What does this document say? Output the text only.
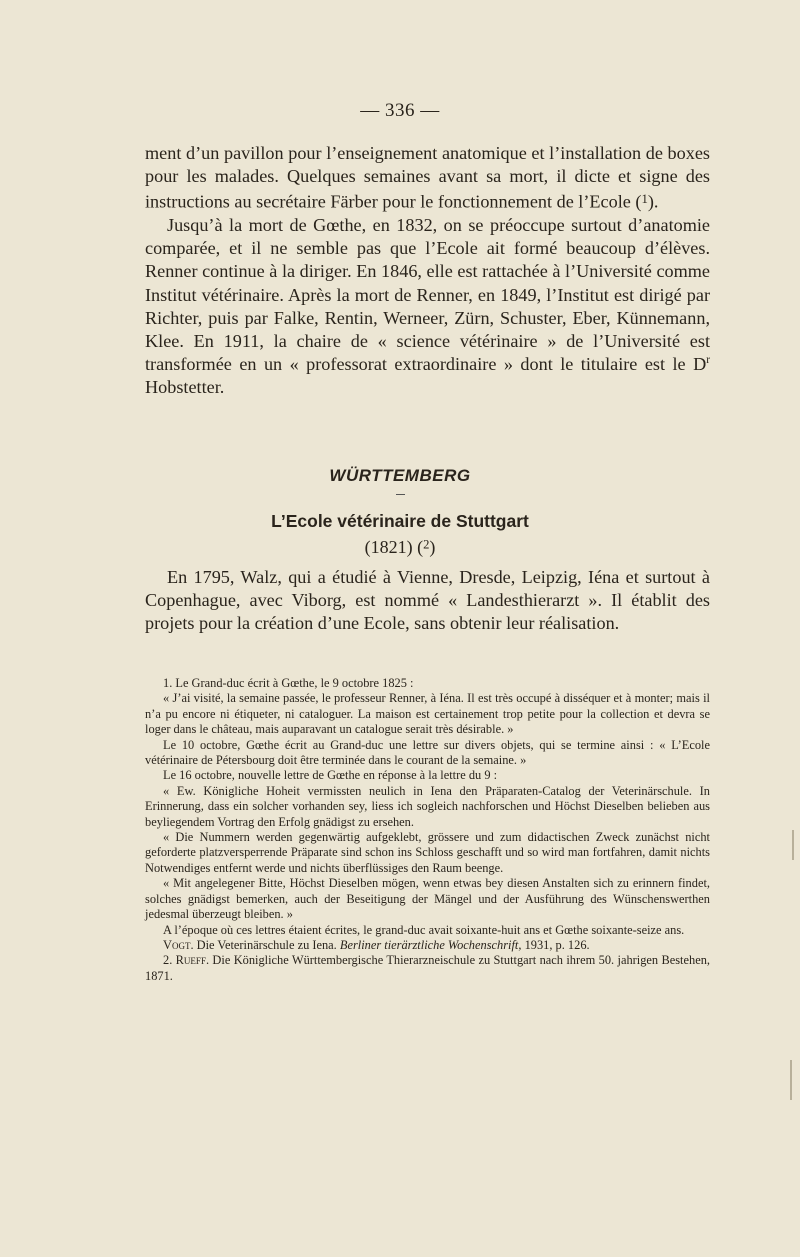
— 336 —

ment d’un pavillon pour l’enseignement anatomique et l’installation de boxes pour les malades. Quelques semaines avant sa mort, il dicte et signe des instructions au secrétaire Färber pour le fonctionnement de l’Ecole ($^1$).

Jusqu’à la mort de Gœthe, en 1832, on se préoccupe surtout d’anatomie comparée, et il ne semble pas que l’Ecole ait formé beaucoup d’élèves. Renner continue à la diriger. En 1846, elle est rattachée à l’Université comme Institut vétérinaire. Après la mort de Renner, en 1849, l’Institut est dirigé par Richter, puis par Falke, Rentin, Werneer, Zürn, Schuster, Eber, Künnemann, Klee. En 1911, la chaire de « science vétérinaire » de l’Université est transformée en un « professorat extraordinaire » dont le titulaire est le $D^r$ Hobstetter.

WÜRTTEMBERG
L’Ecole vétérinaire de Stuttgart
(1821) ($^2$)

En 1795, Walz, qui a étudié à Vienne, Dresde, Leipzig, Iéna et surtout à Copenhague, avec Viborg, est nommé « Landesthierarzt ». Il établit des projets pour la création d’une Ecole, sans obtenir leur réalisation.

1. Le Grand-duc écrit à Gœthe, le 9 octobre 1825 :

« J’ai visité, la semaine passée, le professeur Renner, à Iéna. Il est très occupé à disséquer et à monter; mais il n’a pu encore ni étiqueter, ni cataloguer. La maison est certainement trop petite pour la collection et devra se loger dans le château, mais auparavant un catalogue serait très désirable. »

Le 10 octobre, Gœthe écrit au Grand-duc une lettre sur divers objets, qui se termine ainsi : « L’Ecole vétérinaire de Pétersbourg doit être terminée dans le courant de la semaine. »

Le 16 octobre, nouvelle lettre de Gœthe en réponse à la lettre du 9 :

« Ew. Königliche Hoheit vermissten neulich in Iena den Präparaten-Catalog der Veterinärschule. In Erinnerung, dass ein solcher vorhanden sey, liess ich sogleich nachforschen und Höchst Dieselben belieben aus beyliegendem Vortrag den Erfolg gnädigst zu ersehen.

« Die Nummern werden gegenwärtig aufgeklebt, grössere und zum didactischen Zweck zunächst nicht geforderte platzversperrende Präparate sind schon ins Schloss geschafft und so wird man fortfahren, damit nichts Notwendiges entfernt werde und nichts überflüssiges den Raum beenge.

« Mit angelegener Bitte, Höchst Dieselben mögen, wenn etwas bey diesen Anstalten sich zu erinnern findet, solches gnädigst bemerken, auch der Beseitigung der Mängel und der Ausführung des Wünschenswerthen jedesmal überzeugt bleiben. »

A l’époque où ces lettres étaient écrites, le grand-duc avait soixante-huit ans et Gœthe soixante-seize ans.

Vogt. Die Veterinärschule zu Iena. Berliner tierärztliche Wochenschrift, 1931, p. 126.

2. Rueff. Die Königliche Württembergische Thierarzneischule zu Stuttgart nach ihrem 50. jahrigen Bestehen, 1871.
